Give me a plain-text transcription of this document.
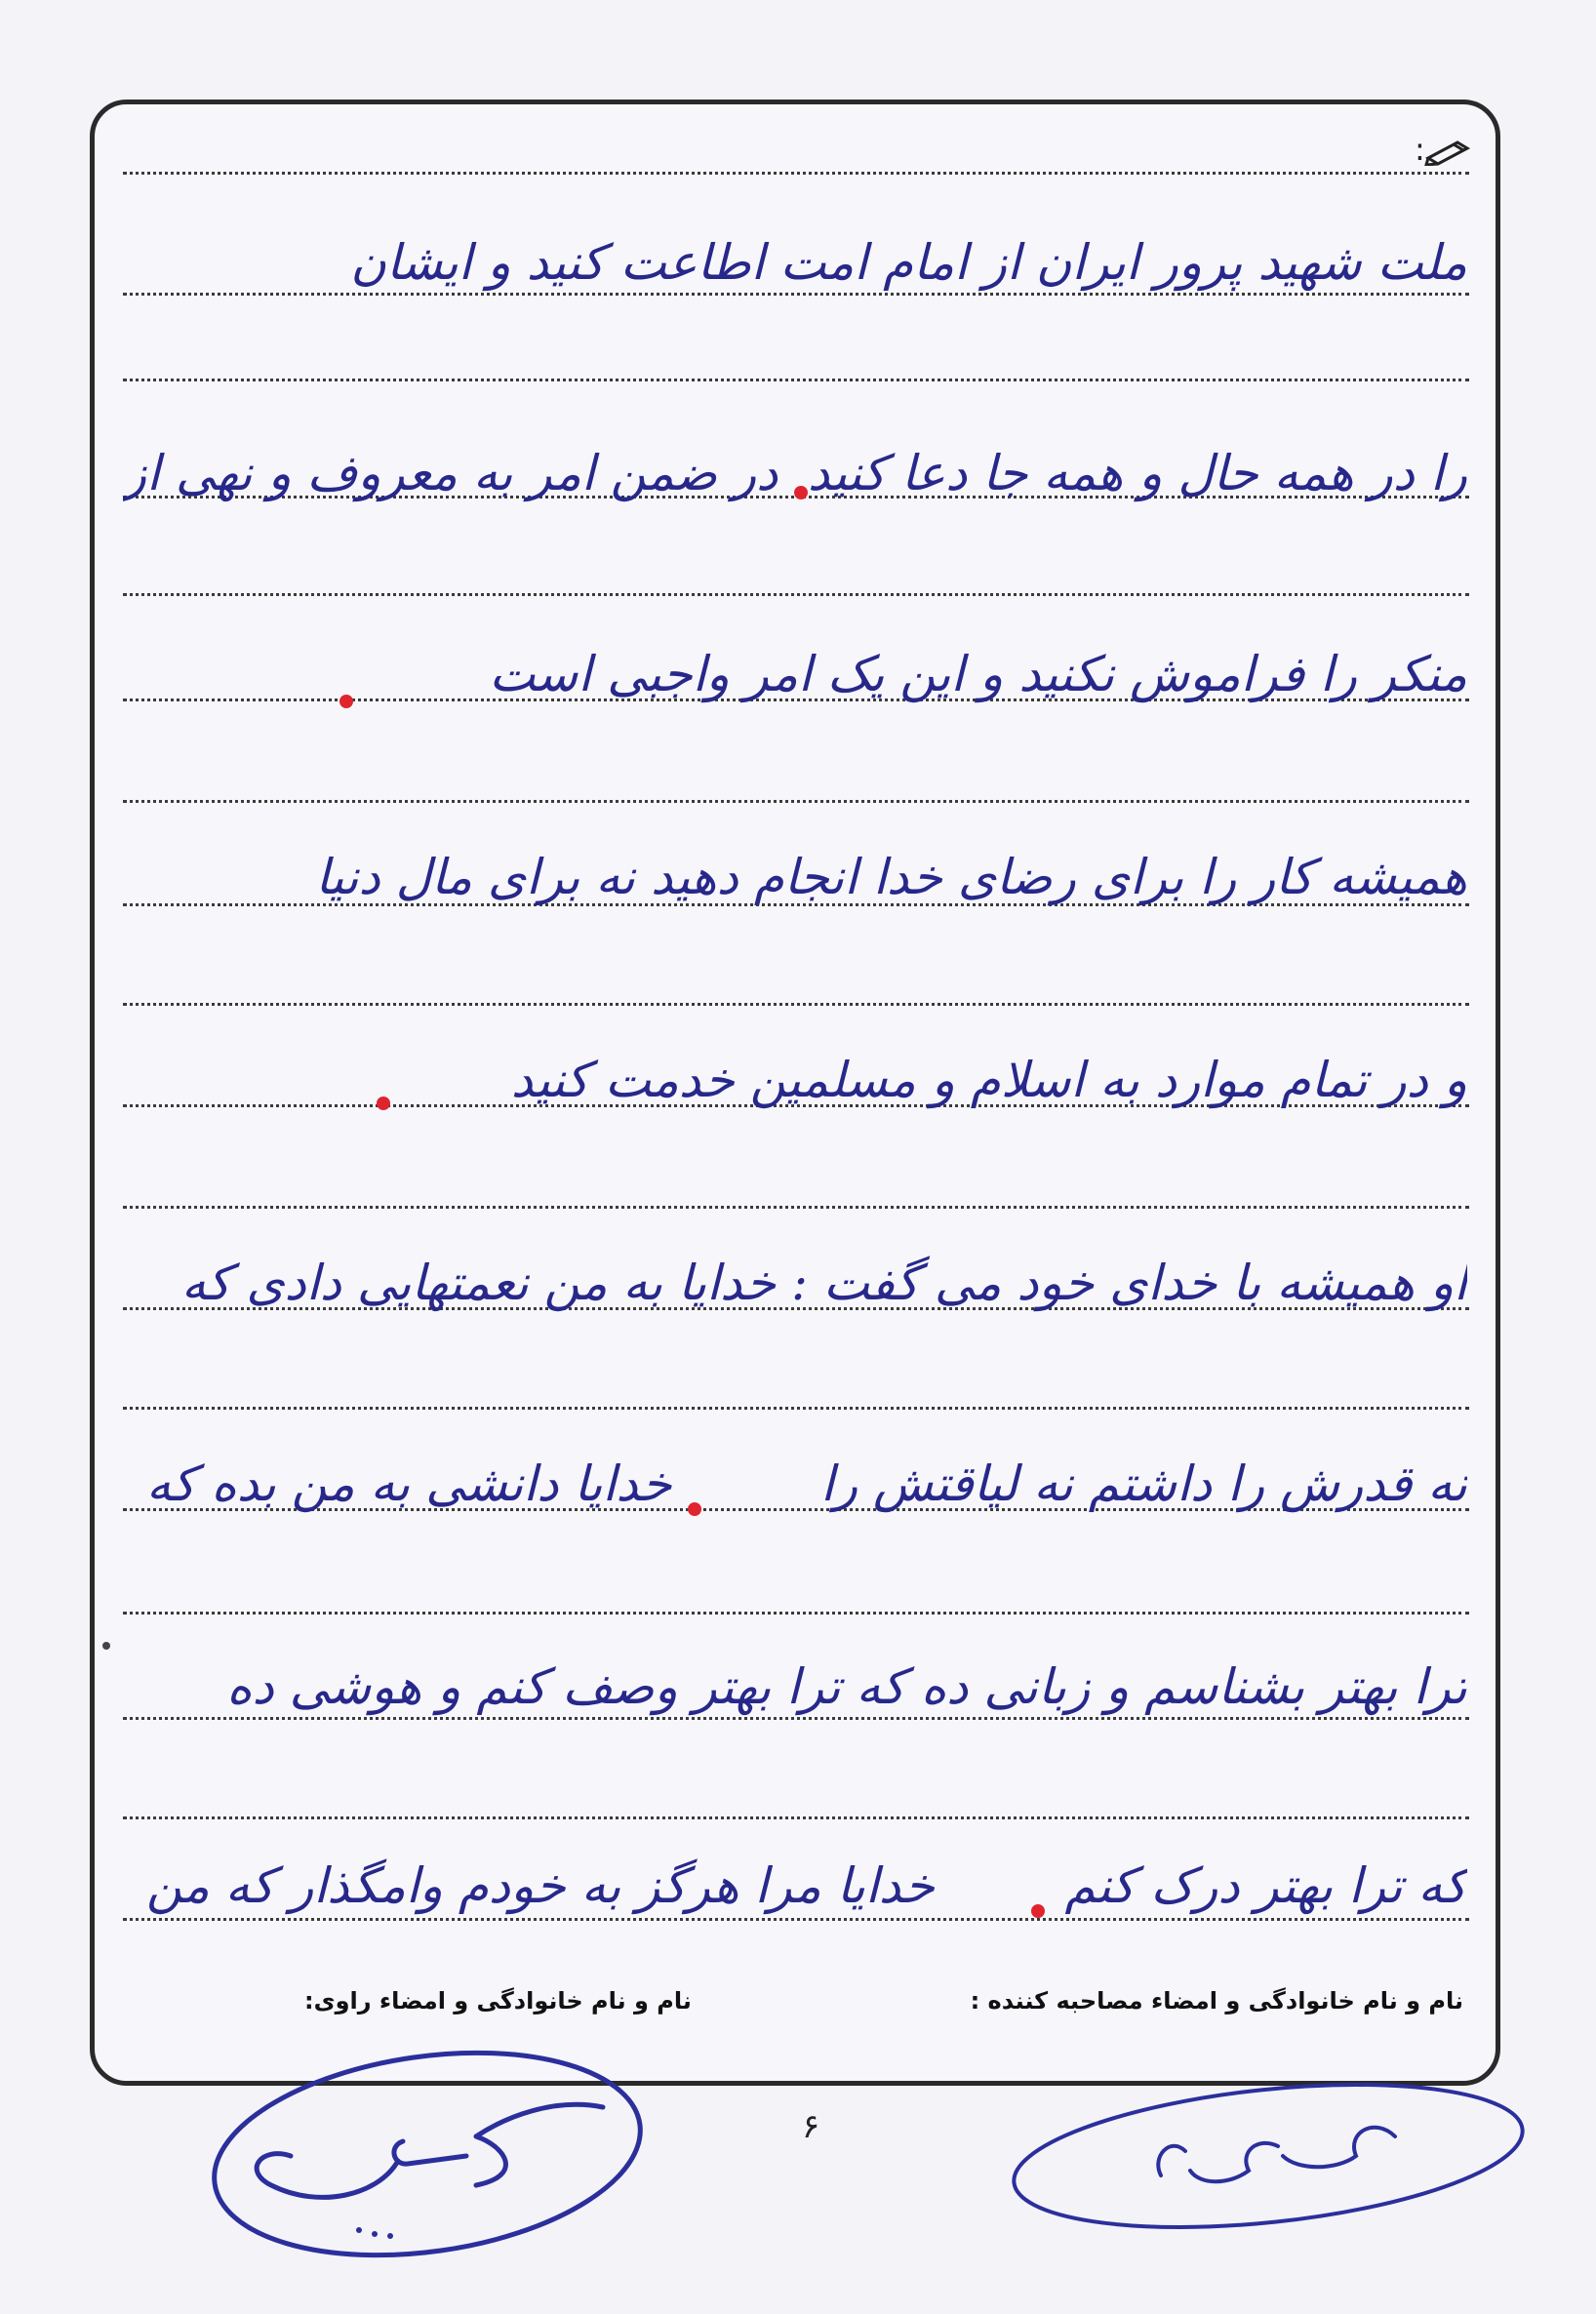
:
ملت شهید پرور ایران از امام امت اطاعت کنید و ایشان
را در همه حال و همه جا دعا کنید
در ضمن امر به معروف و نهی از
منکر را فراموش نکنید و این یک امر واجبی است
همیشه کار را برای رضای خدا انجام دهید نه برای مال دنیا
و در تمام موارد به اسلام و مسلمین خدمت کنید
او همیشه با خدای خود می گفت : خدایا به من نعمتهایی دادی که
نه قدرش را داشتم نه لیاقتش را
خدایا دانشی به من بده که
ترا بهتر بشناسم و زبانی ده که ترا بهتر وصف کنم و هوشی ده
که ترا بهتر درک کنم
خدایا مرا هرگز به خودم وامگذار که من
نام و نام خانوادگی و امضاء مصاحبه کننده :
نام و نام خانوادگی و امضاء راوی:
۶
